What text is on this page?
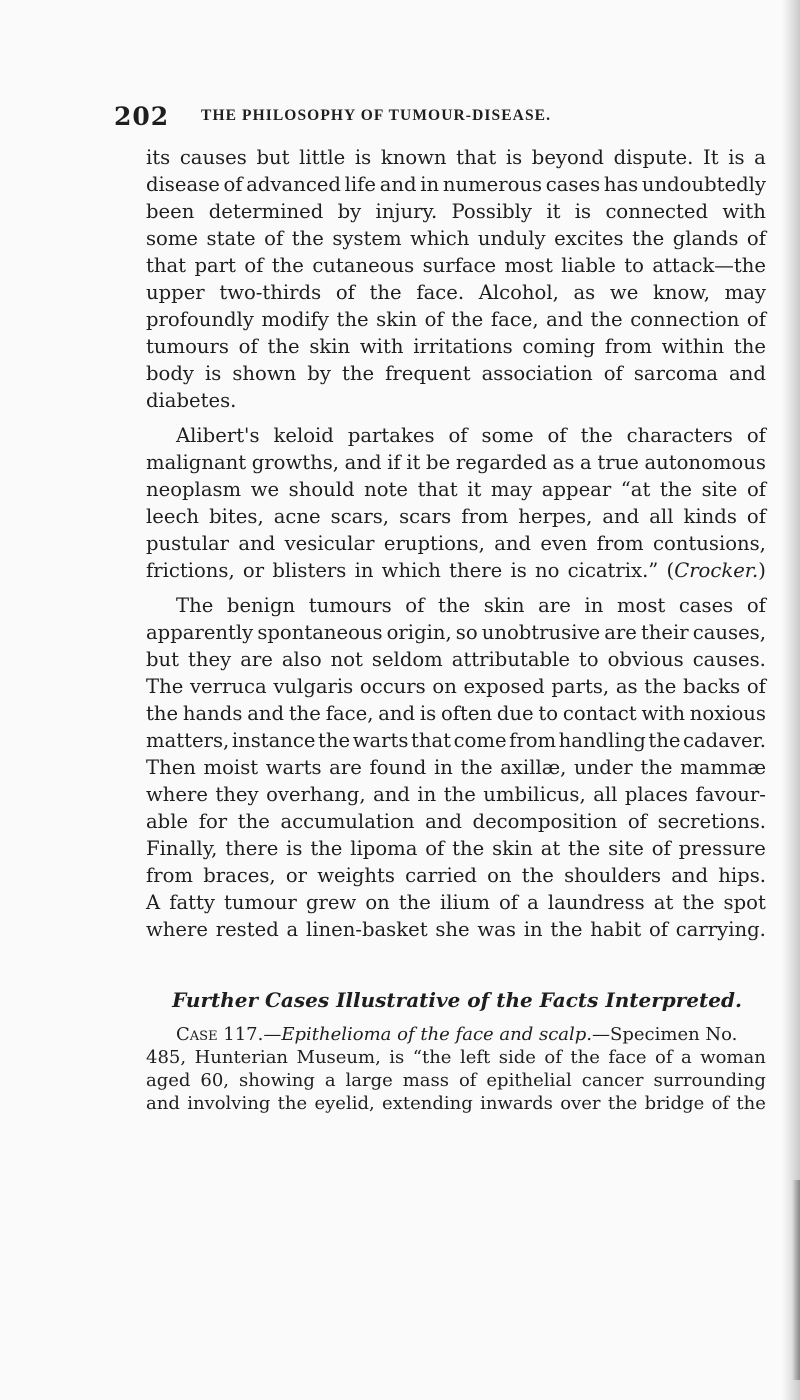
202 THE PHILOSOPHY OF TUMOUR-DISEASE.
its causes but little is known that is beyond dispute. It is a
disease of advanced life and in numerous cases has undoubtedly
been determined by injury. Possibly it is connected with
some state of the system which unduly excites the glands of
that part of the cutaneous surface most liable to attack—the
upper two-thirds of the face. Alcohol, as we know, may
profoundly modify the skin of the face, and the connection of
tumours of the skin with irritations coming from within the
body is shown by the frequent association of sarcoma and
diabetes.
Alibert's keloid partakes of some of the characters of
malignant growths, and if it be regarded as a true autonomous
neoplasm we should note that it may appear “at the site of
leech bites, acne scars, scars from herpes, and all kinds of
pustular and vesicular eruptions, and even from contusions,
frictions, or blisters in which there is no cicatrix.” (Crocker.)
The benign tumours of the skin are in most cases of
apparently spontaneous origin, so unobtrusive are their causes,
but they are also not seldom attributable to obvious causes.
The verruca vulgaris occurs on exposed parts, as the backs of
the hands and the face, and is often due to contact with noxious
matters, instance the warts that come from handling the cadaver.
Then moist warts are found in the axillæ, under the mammæ
where they overhang, and in the umbilicus, all places favour-
able for the accumulation and decomposition of secretions.
Finally, there is the lipoma of the skin at the site of pressure
from braces, or weights carried on the shoulders and hips.
A fatty tumour grew on the ilium of a laundress at the spot
where rested a linen-basket she was in the habit of carrying.
Further Cases Illustrative of the Facts Interpreted.
Case 117.—Epithelioma of the face and scalp.—Specimen No.
485, Hunterian Museum, is “the left side of the face of a woman
aged 60, showing a large mass of epithelial cancer surrounding
and involving the eyelid, extending inwards over the bridge of the
